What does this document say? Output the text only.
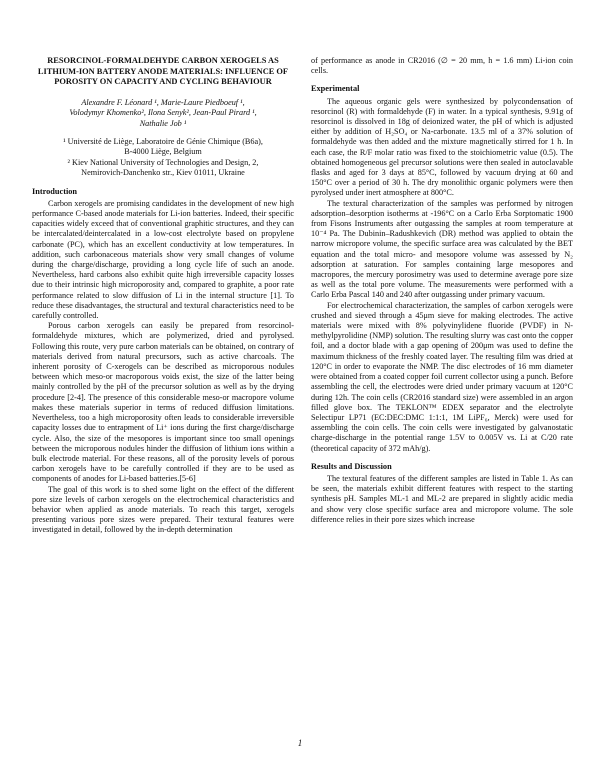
RESORCINOL-FORMALDEHYDE CARBON XEROGELS AS LITHIUM-ION BATTERY ANODE MATERIALS: INFLUENCE OF POROSITY ON CAPACITY AND CYCLING BEHAVIOUR
Alexandre F. Léonard ¹, Marie-Laure Piedboeuf ¹,
Volodymyr Khomenko², Ilona Senyk², Jean-Paul Pirard ¹,
Nathalie Job ¹
¹ Université de Liège, Laboratoire de Génie Chimique (B6a),
B-4000 Liège, Belgium
² Kiev National University of Technologies and Design, 2,
Nemirovich-Danchenko str., Kiev 01011, Ukraine
Introduction

Carbon xerogels are promising candidates in the development of new high performance C-based anode materials for Li-ion batteries. Indeed, their specific capacities widely exceed that of conventional graphitic structures, and they can be intercalated/deintercalated in a low-cost electrolyte based on propylene carbonate (PC), which has an excellent conductivity at low temperatures. In addition, such carbonaceous materials show very small changes of volume during the charge/discharge, providing a long cycle life of such an anode. Nevertheless, hard carbons also exhibit quite high irreversible capacity losses due to their intrinsic high microporosity and, compared to graphite, a poor rate performance related to slow diffusion of Li in the internal structure [1]. To reduce these disadvantages, the structural and textural characteristics need to be carefully controlled.

Porous carbon xerogels can easily be prepared from resorcinol-formaldehyde mixtures, which are polymerized, dried and pyrolysed. Following this route, very pure carbon materials can be obtained, on contrary of materials derived from natural precursors, such as active charcoals. The inherent porosity of C-xerogels can be described as microporous nodules between which meso-or macroporous voids exist, the size of the latter being mainly controlled by the pH of the precursor solution as well as by the drying procedure [2-4]. The presence of this considerable meso-or macropore volume makes these materials superior in terms of reduced diffusion limitations. Nevertheless, too a high microporosity often leads to considerable irreversible capacity losses due to entrapment of Li⁺ ions during the first charge/discharge cycle. Also, the size of the mesopores is important since too small openings between the microporous nodules hinder the diffusion of lithium ions within a bulk electrode material. For these reasons, all of the porosity levels of porous carbon xerogels have to be carefully controlled if they are to be used as components of anodes for Li-based batteries.[5-6]

The goal of this work is to shed some light on the effect of the different pore size levels of carbon xerogels on the electrochemical characteristics and behavior when applied as anode materials. To reach this target, xerogels presenting various pore sizes were prepared. Their textural features were investigated in detail, followed by the in-depth determination

of performance as anode in CR2016 (∅ = 20 mm, h = 1.6 mm) Li-ion coin cells.

Experimental

The aqueous organic gels were synthesized by polycondensation of resorcinol (R) with formaldehyde (F) in water. In a typical synthesis, 9.91g of resorcinol is dissolved in 18g of deionized water, the pH of which is adjusted either by addition of H₂SO₄ or Na-carbonate. 13.5 ml of a 37% solution of formaldehyde was then added and the mixture magnetically stirred for 1 h. In each case, the R/F molar ratio was fixed to the stoichiometric value (0.5). The obtained homogeneous gel precursor solutions were then sealed in autoclavable flasks and aged for 3 days at 85°C, followed by vacuum drying at 60 and 150°C over a period of 30 h. The dry monolithic organic polymers were then pyrolysed under inert atmosphere at 800°C.

The textural characterization of the samples was performed by nitrogen adsorption–desorption isotherms at -196°C on a Carlo Erba Sorptomatic 1900 from Fisons Instruments after outgassing the samples at room temperature at 10⁻⁴ Pa. The Dubinin–Radushkevich (DR) method was applied to obtain the narrow micropore volume, the specific surface area was calculated by the BET equation and the total micro- and mesopore volume was assessed by N₂ adsorption at saturation. For samples containing large mesopores and macropores, the mercury porosimetry was used to determine average pore size as well as the total pore volume. The measurements were performed with a Carlo Erba Pascal 140 and 240 after outgassing under primary vacuum.

For electrochemical characterization, the samples of carbon xerogels were crushed and sieved through a 45μm sieve for making electrodes. The active materials were mixed with 8% polyvinylidene fluoride (PVDF) in N-methylpyrolidine (NMP) solution. The resulting slurry was cast onto the copper foil, and a doctor blade with a gap opening of 200μm was used to define the maximum thickness of the freshly coated layer. The resulting film was dried at 120°C in order to evaporate the NMP. The disc electrodes of 16 mm diameter were obtained from a coated copper foil current collector using a punch. Before assembling the cell, the electrodes were dried under primary vacuum at 120°C during 12h. The coin cells (CR2016 standard size) were assembled in an argon filled glove box. The TEKLON™ EDEX separator and the electrolyte Selectipur LP71 (EC:DEC:DMC 1:1:1, 1M LiPF₆, Merck) were used for assembling the coin cells. The coin cells were investigated by galvanostatic charge-discharge in the potential range 1.5V to 0.005V vs. Li at C/20 rate (theoretical capacity of 372 mAh/g).

Results and Discussion

The textural features of the different samples are listed in Table 1. As can be seen, the materials exhibit different features with respect to the starting synthesis pH. Samples ML-1 and ML-2 are prepared in slightly acidic media and show very close specific surface area and micropore volume. The sole difference relies in their pore sizes which increase

1
